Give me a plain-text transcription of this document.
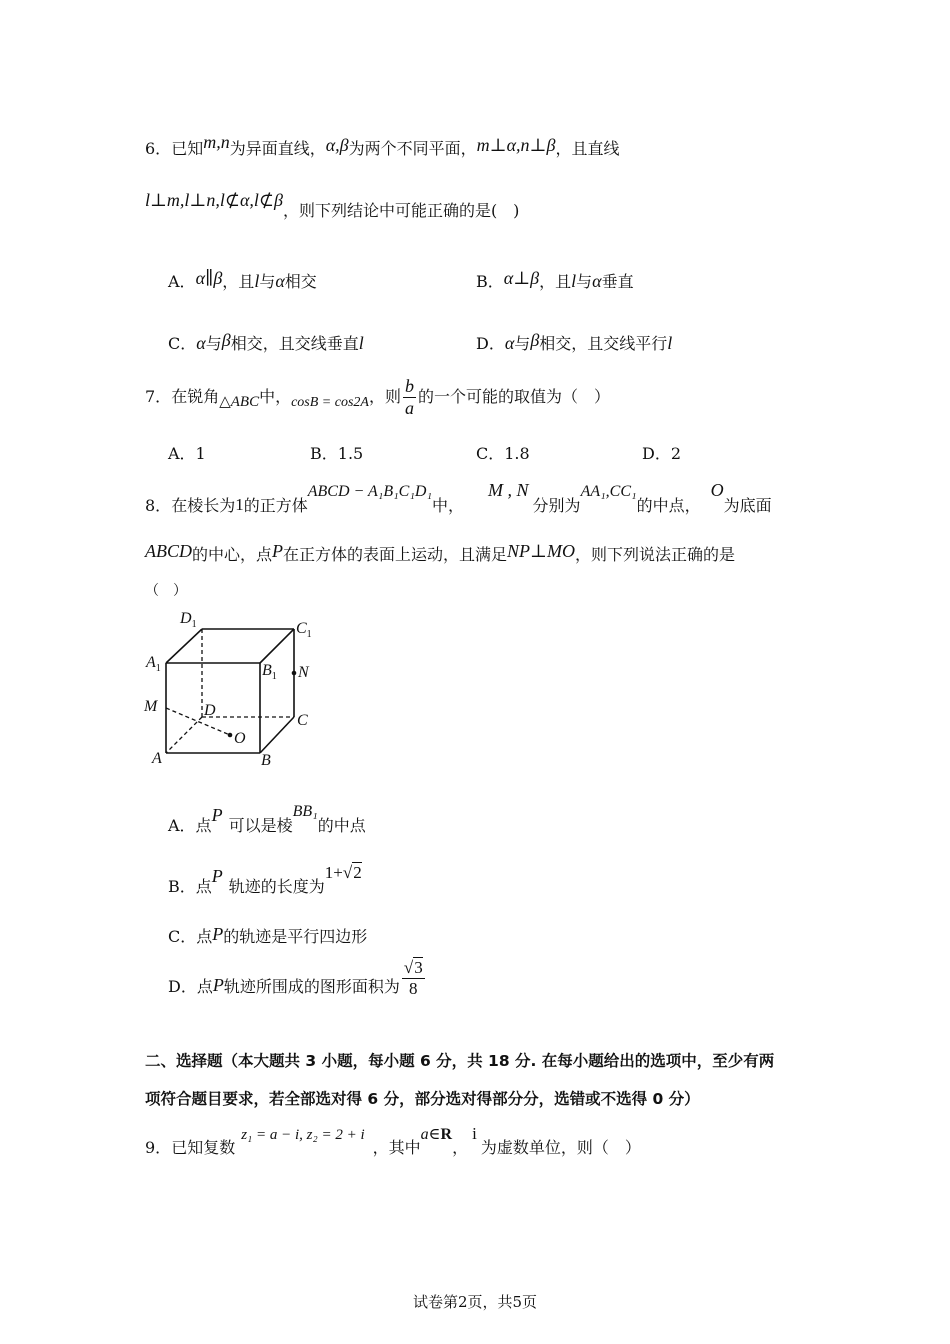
6．已知m,n为异面直线，α,β为两个不同平面，m⊥α,n⊥β，且直线
l⊥m,l⊥n,l⊄α,l⊄β，则下列结论中可能正确的是(　)
A．α∥β，且l与α相交	B．α⊥β，且l与α垂直
C．α与β相交，且交线垂直l	D．α与β相交，且交线平行l
7．在锐角△ABC中，cosB = cos2A，则 $\frac{b}{a}$ 的一个可能的取值为（　）
A．1	B．1.5	C．1.8	D．2
8．在棱长为1的正方体ABCD − A₁B₁C₁D₁中，M , N分别为AA₁,CC₁的中点，O为底面
ABCD的中心，点P在正方体的表面上运动，且满足NP⊥MO，则下列说法正确的是
（　）
$D_1$	$C_1$
$A_1$	$B_1$ N
M	D
C
O
A	B
A．点P可以是棱BB₁的中点
B．点P轨迹的长度为1+√2
C．点P的轨迹是平行四边形
D．点P轨迹所围成的图形面积为 $\frac{√3}{8}$
二、选择题（本大题共 3 小题，每小题 6 分，共 18 分. 在每小题给出的选项中，至少有两
项符合题目要求，若全部选对得 6 分，部分选对得部分分，选错或不选得 0 分）
9．已知复数z₁ = a − i, z₂ = 2 + i，其中a∈R，i为虚数单位，则（　）
试卷第2页，共5页
